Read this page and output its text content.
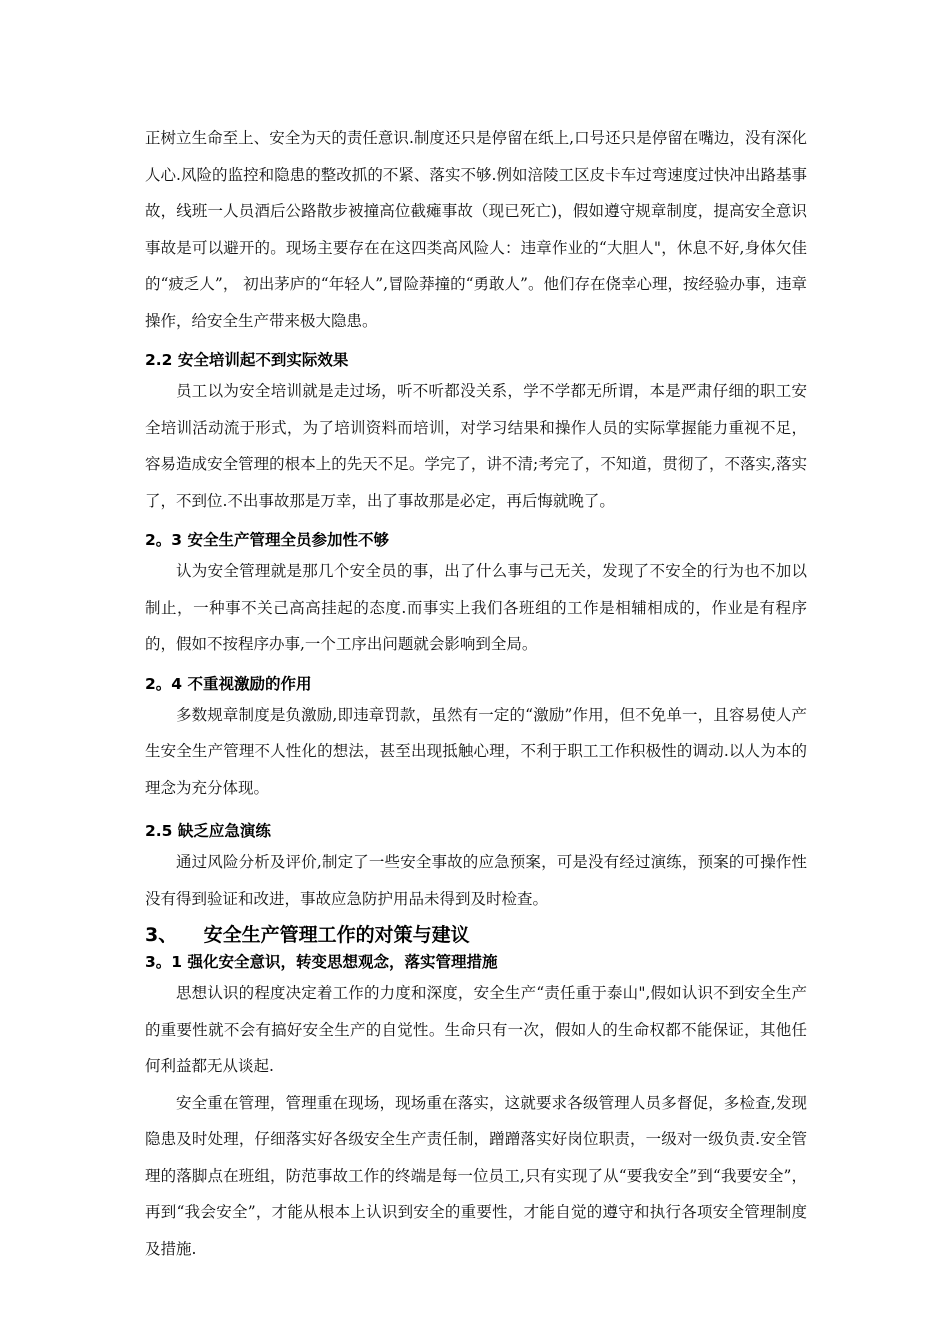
正树立生命至上、安全为天的责任意识.制度还只是停留在纸上,口号还只是停留在嘴边，没有深化人心.风险的监控和隐患的整改抓的不紧、落实不够.例如涪陵工区皮卡车过弯速度过快冲出路基事故，线班一人员酒后公路散步被撞高位截瘫事故（现已死亡)，假如遵守规章制度，提高安全意识事故是可以避开的。现场主要存在在这四类高风险人：违章作业的“大胆人"，休息不好,身体欠佳的“疲乏人”， 初出茅庐的“年轻人”,冒险莽撞的“勇敢人”。他们存在侥幸心理，按经验办事，违章操作，给安全生产带来极大隐患。

2.2 安全培训起不到实际效果

员工以为安全培训就是走过场，听不听都没关系，学不学都无所谓，本是严肃仔细的职工安全培训活动流于形式，为了培训资料而培训，对学习结果和操作人员的实际掌握能力重视不足，容易造成安全管理的根本上的先天不足。学完了，讲不清;考完了，不知道，贯彻了，不落实,落实了，不到位.不出事故那是万幸，出了事故那是必定，再后悔就晚了。

2。3 安全生产管理全员参加性不够

认为安全管理就是那几个安全员的事，出了什么事与己无关，发现了不安全的行为也不加以制止，一种事不关己高高挂起的态度.而事实上我们各班组的工作是相辅相成的，作业是有程序的，假如不按程序办事,一个工序出问题就会影响到全局。

2。4 不重视激励的作用

多数规章制度是负激励,即违章罚款，虽然有一定的“激励”作用，但不免单一，且容易使人产生安全生产管理不人性化的想法，甚至出现抵触心理，不利于职工工作积极性的调动.以人为本的理念为充分体现。

2.5 缺乏应急演练

通过风险分析及评价,制定了一些安全事故的应急预案，可是没有经过演练，预案的可操作性没有得到验证和改进，事故应急防护用品未得到及时检查。

3、    安全生产管理工作的对策与建议
3。1 强化安全意识，转变思想观念，落实管理措施

思想认识的程度决定着工作的力度和深度，安全生产“责任重于泰山",假如认识不到安全生产的重要性就不会有搞好安全生产的自觉性。生命只有一次，假如人的生命权都不能保证，其他任何利益都无从谈起.

安全重在管理，管理重在现场，现场重在落实，这就要求各级管理人员多督促，多检查,发现隐患及时处理，仔细落实好各级安全生产责任制，蹭蹭落实好岗位职责，一级对一级负责.安全管理的落脚点在班组，防范事故工作的终端是每一位员工,只有实现了从“要我安全”到“我要安全”，再到“我会安全”，才能从根本上认识到安全的重要性，才能自觉的遵守和执行各项安全管理制度及措施.
